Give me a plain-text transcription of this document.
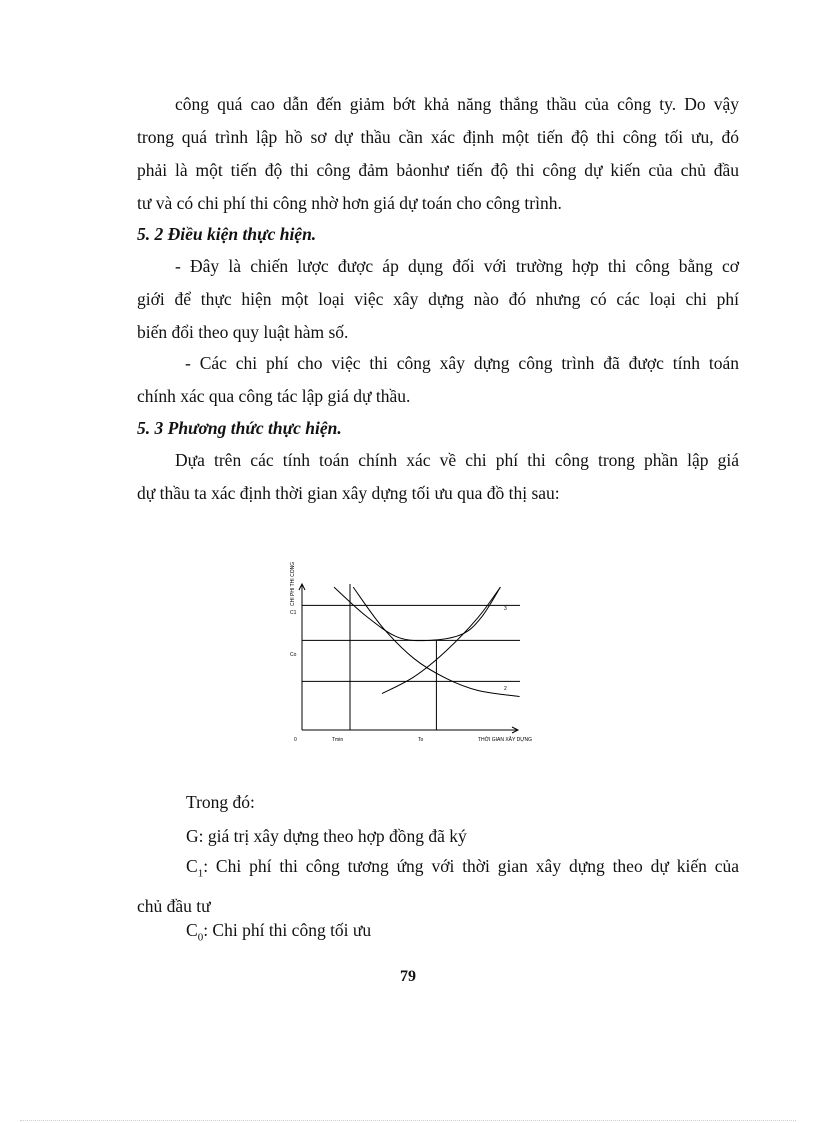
công quá cao dẫn đến giảm bớt khả năng thắng thầu của công ty. Do vậy
trong quá trình lập hồ sơ dự thầu cần xác định một tiến độ thi công tối ưu, đó
phải là một tiến độ thi công đảm bảonhư tiến độ thi công dự kiến của chủ đầu
tư và có chi phí thi công nhờ hơn giá dự toán cho công trình.

5. 2 Điều kiện thực hiện.

- Đây là chiến lược được áp dụng đối với trường hợp thi công bằng cơ
giới để thực hiện một loại việc xây dựng nào đó nhưng có các loại chi phí
biến đổi theo quy luật hàm số.
- Các chi phí cho việc thi công xây dựng công trình đã được tính toán
chính xác qua công tác lập giá dự thầu.

5. 3 Phương thức thực hiện.

Dựa trên các tính toán chính xác về chi phí thi công trong phần lập giá
dự thầu ta xác định thời gian xây dựng tối ưu qua đồ thị sau:
CHI PHI THI CONG
THỜI GIAN XÂY DỰNG
0	Tmin	To
C1
Co
3
2

Trong đó:

G: giá trị xây dựng theo hợp đồng đã ký

$C_1$: Chi phí thi công tương ứng với thời gian xây dựng theo dự kiến của
chủ đầu tư

$C_0$: Chi phí thi công tối ưu

79
